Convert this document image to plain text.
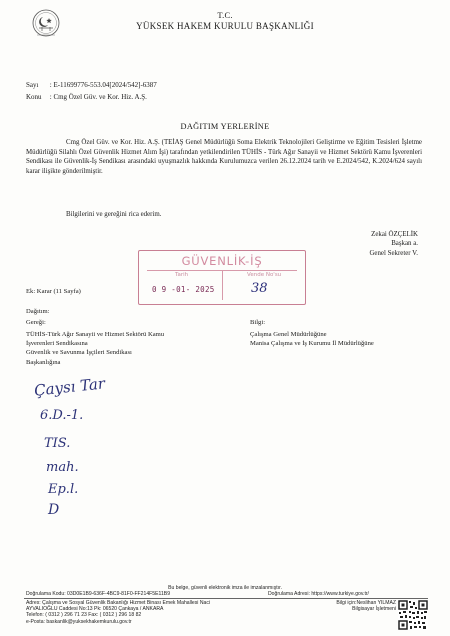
T.C.
YÜKSEK HAKEM KURULU BAŞKANLIĞI
Sayı : E-11699776-553.04[2024/542]-6387
Konu : Cmg Özel Güv. ve Kor. Hiz. A.Ş.
DAĞITIM YERLERİNE

Cmg Özel Güv. ve Kor. Hiz. A.Ş. (TEİAŞ Genel Müdürlüğü Soma Elektrik Teknolojileri Geliştirme ve Eğitim Tesisleri İşletme Müdürlüğü Silahlı Özel Güvenlik Hizmet Alım İşi) tarafından yetkilendirilen TÜHİS - Türk Ağır Sanayii ve Hizmet Sektörü Kamu İşverenleri Sendikası ile Güvenlik-İş Sendikası arasındaki uyuşmazlık hakkında Kurulumuzca verilen 26.12.2024 tarih ve E.2024/542, K.2024/624 sayılı karar ilişikte gönderilmiştir.

Bilgilerini ve gereğini rica ederim.
Zekai ÖZÇELİK
Başkan a.
Genel Sekreter V.
GÜVENLİK-İŞ
Tarih	Vende No'su
0 9 -01- 2025	38
Ek: Karar (11 Sayfa)
Dağıtım:
Gereği:
TÜHİS-Türk Ağır Sanayii ve Hizmet Sektörü Kamu
İşverenleri Sendikasına
Güvenlik ve Savunma İşçileri Sendikası
Başkanlığına
Bilgi:
Çalışma Genel Müdürlüğüne
Manisa Çalışma ve İş Kurumu İl Müdürlüğüne
Çaysı Tar
6.D.-1.
TIS.
mah.
Ep.l.
D
Bu belge, güvenli elektronik imza ile imzalanmıştır.
Doğrulama Kodu: 03D0E1B9-636F-4BC9-81F0-FF214F5E11B9	Doğrulama Adresi: https://www.turkiye.gov.tr/
Adres: Çalışma ve Sosyal Güvenlik Bakanlığı Hizmet Binası Emek Mahallesi Naci
AYVALIOĞLU Caddesi No:13 Pk: 06520 Çankaya / ANKARA
Telefon: ( 0312 ) 296 71 23 Fax: ( 0312 ) 296 18 82
e-Posta: baskanlik@yuksekhakemkurulu.gov.tr
Bilgi için:Neslihan YILMAZ
Bilgisayar İşletmeni
